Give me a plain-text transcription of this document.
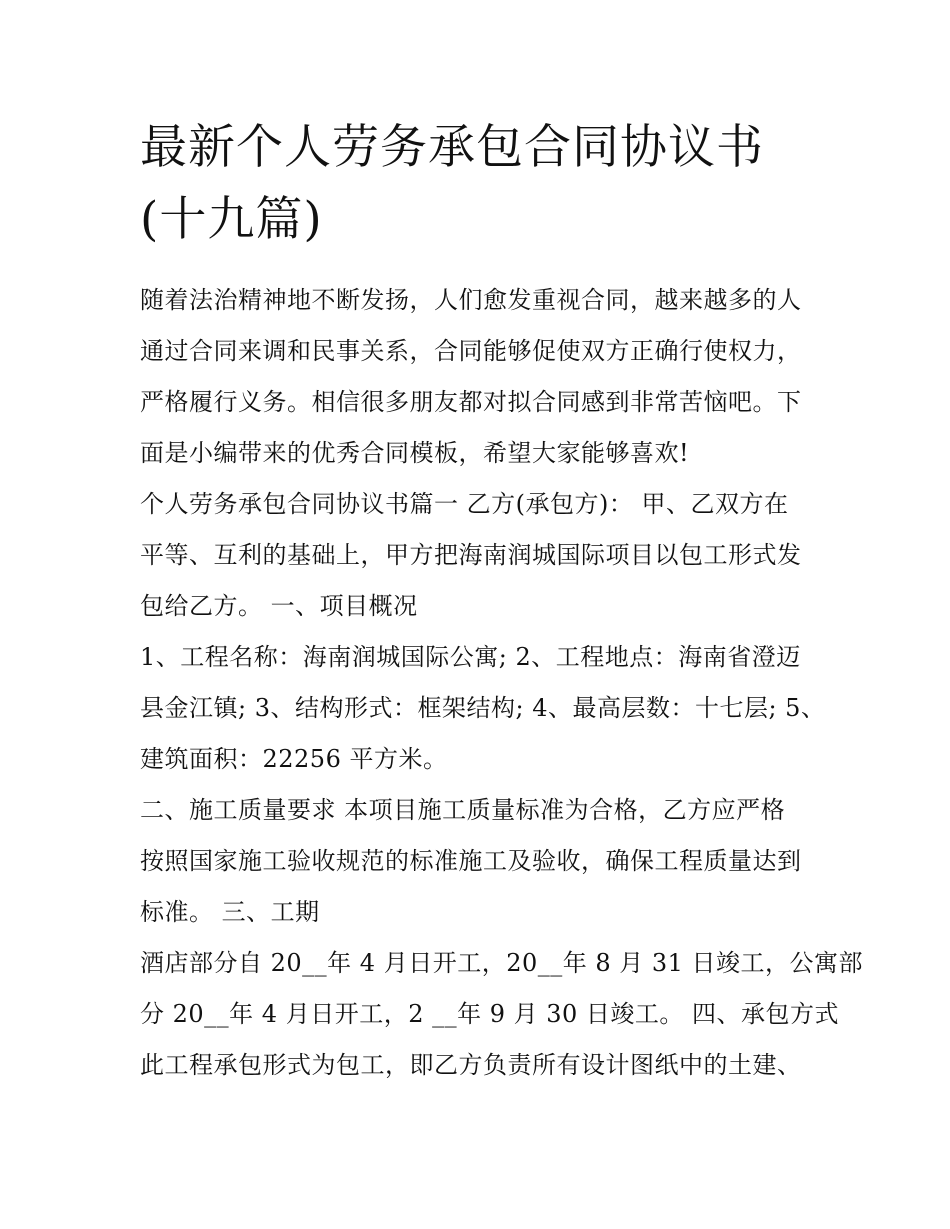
最新个人劳务承包合同协议书
(十九篇)

随着法治精神地不断发扬，人们愈发重视合同，越来越多的人

通过合同来调和民事关系，合同能够促使双方正确行使权力，

严格履行义务。相信很多朋友都对拟合同感到非常苦恼吧。下

面是小编带来的优秀合同模板，希望大家能够喜欢!

个人劳务承包合同协议书篇一 乙方(承包方)： 甲、乙双方在

平等、互利的基础上，甲方把海南润城国际项目以包工形式发

包给乙方。 一、项目概况

1、工程名称：海南润城国际公寓; 2、工程地点：海南省澄迈

县金江镇; 3、结构形式：框架结构; 4、最高层数：十七层; 5、

建筑面积：22256 平方米。

二、施工质量要求 本项目施工质量标准为合格，乙方应严格

按照国家施工验收规范的标准施工及验收，确保工程质量达到

标准。 三、工期

酒店部分自 20__年 4 月日开工，20__年 8 月 31 日竣工，公寓部

分 20__年 4 月日开工，2 __年 9 月 30 日竣工。 四、承包方式

此工程承包形式为包工，即乙方负责所有设计图纸中的土建、
